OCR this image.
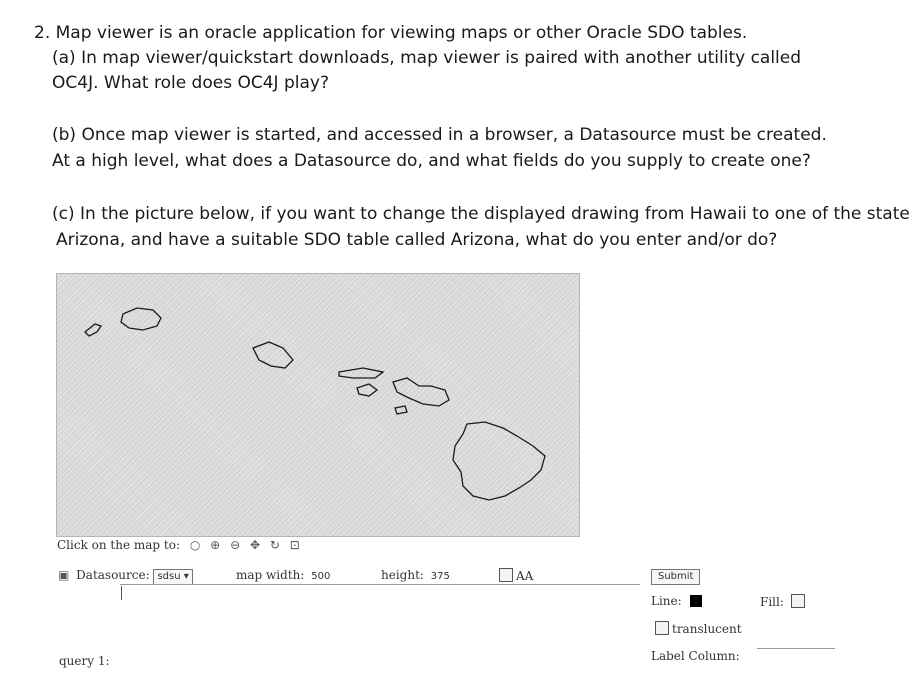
2. Map viewer is an oracle application for viewing maps or other Oracle SDO tables.
(a) In map viewer/quickstart downloads, map viewer is paired with another utility called
OC4J. What role does OC4J play?
(b) Once map viewer is started, and accessed in a browser, a Datasource must be created.
At a high level, what does a Datasource do, and what fields do you supply to create one?
(c) In the picture below, if you want to change the displayed drawing from Hawaii to one of the state
Arizona, and have a suitable SDO table called Arizona, what do you enter and/or do?
Click on the map to: ○ ⊕ ⊖ ✥ ↻ ⊡
▣ Datasource: sdsu ▾	map width: 500	height: 375	AA	Submit
Line:	Fill:
translucent
Label Column:
query 1:
